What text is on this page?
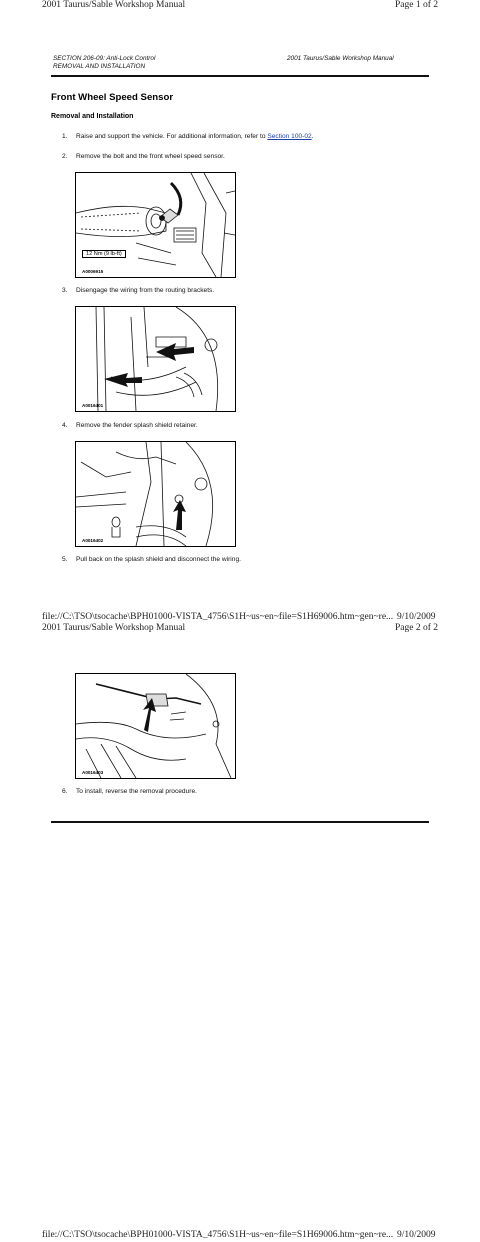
2001 Taurus/Sable Workshop Manual	Page 1 of 2
SECTION 206-09: Anti-Lock Control
REMOVAL AND INSTALLATION
2001 Taurus/Sable Workshop Manual
Front Wheel Speed Sensor
Removal and Installation
1. Raise and support the vehicle. For additional information, refer to Section 100-02.
2. Remove the bolt and the front wheel speed sensor.
12 Nm (9 lb-ft)
A0006915
3. Disengage the wiring from the routing brackets.
A0016401
4. Remove the fender splash shield retainer.
A0016402
5. Pull back on the splash shield and disconnect the wiring.
file://C:\TSO\tsocache\BPH01000-VISTA_4756\S1H~us~en~file=S1H69006.htm~gen~re... 9/10/2009
2001 Taurus/Sable Workshop Manual	Page 2 of 2
A0016403
6. To install, reverse the removal procedure.
file://C:\TSO\tsocache\BPH01000-VISTA_4756\S1H~us~en~file=S1H69006.htm~gen~re... 9/10/2009
